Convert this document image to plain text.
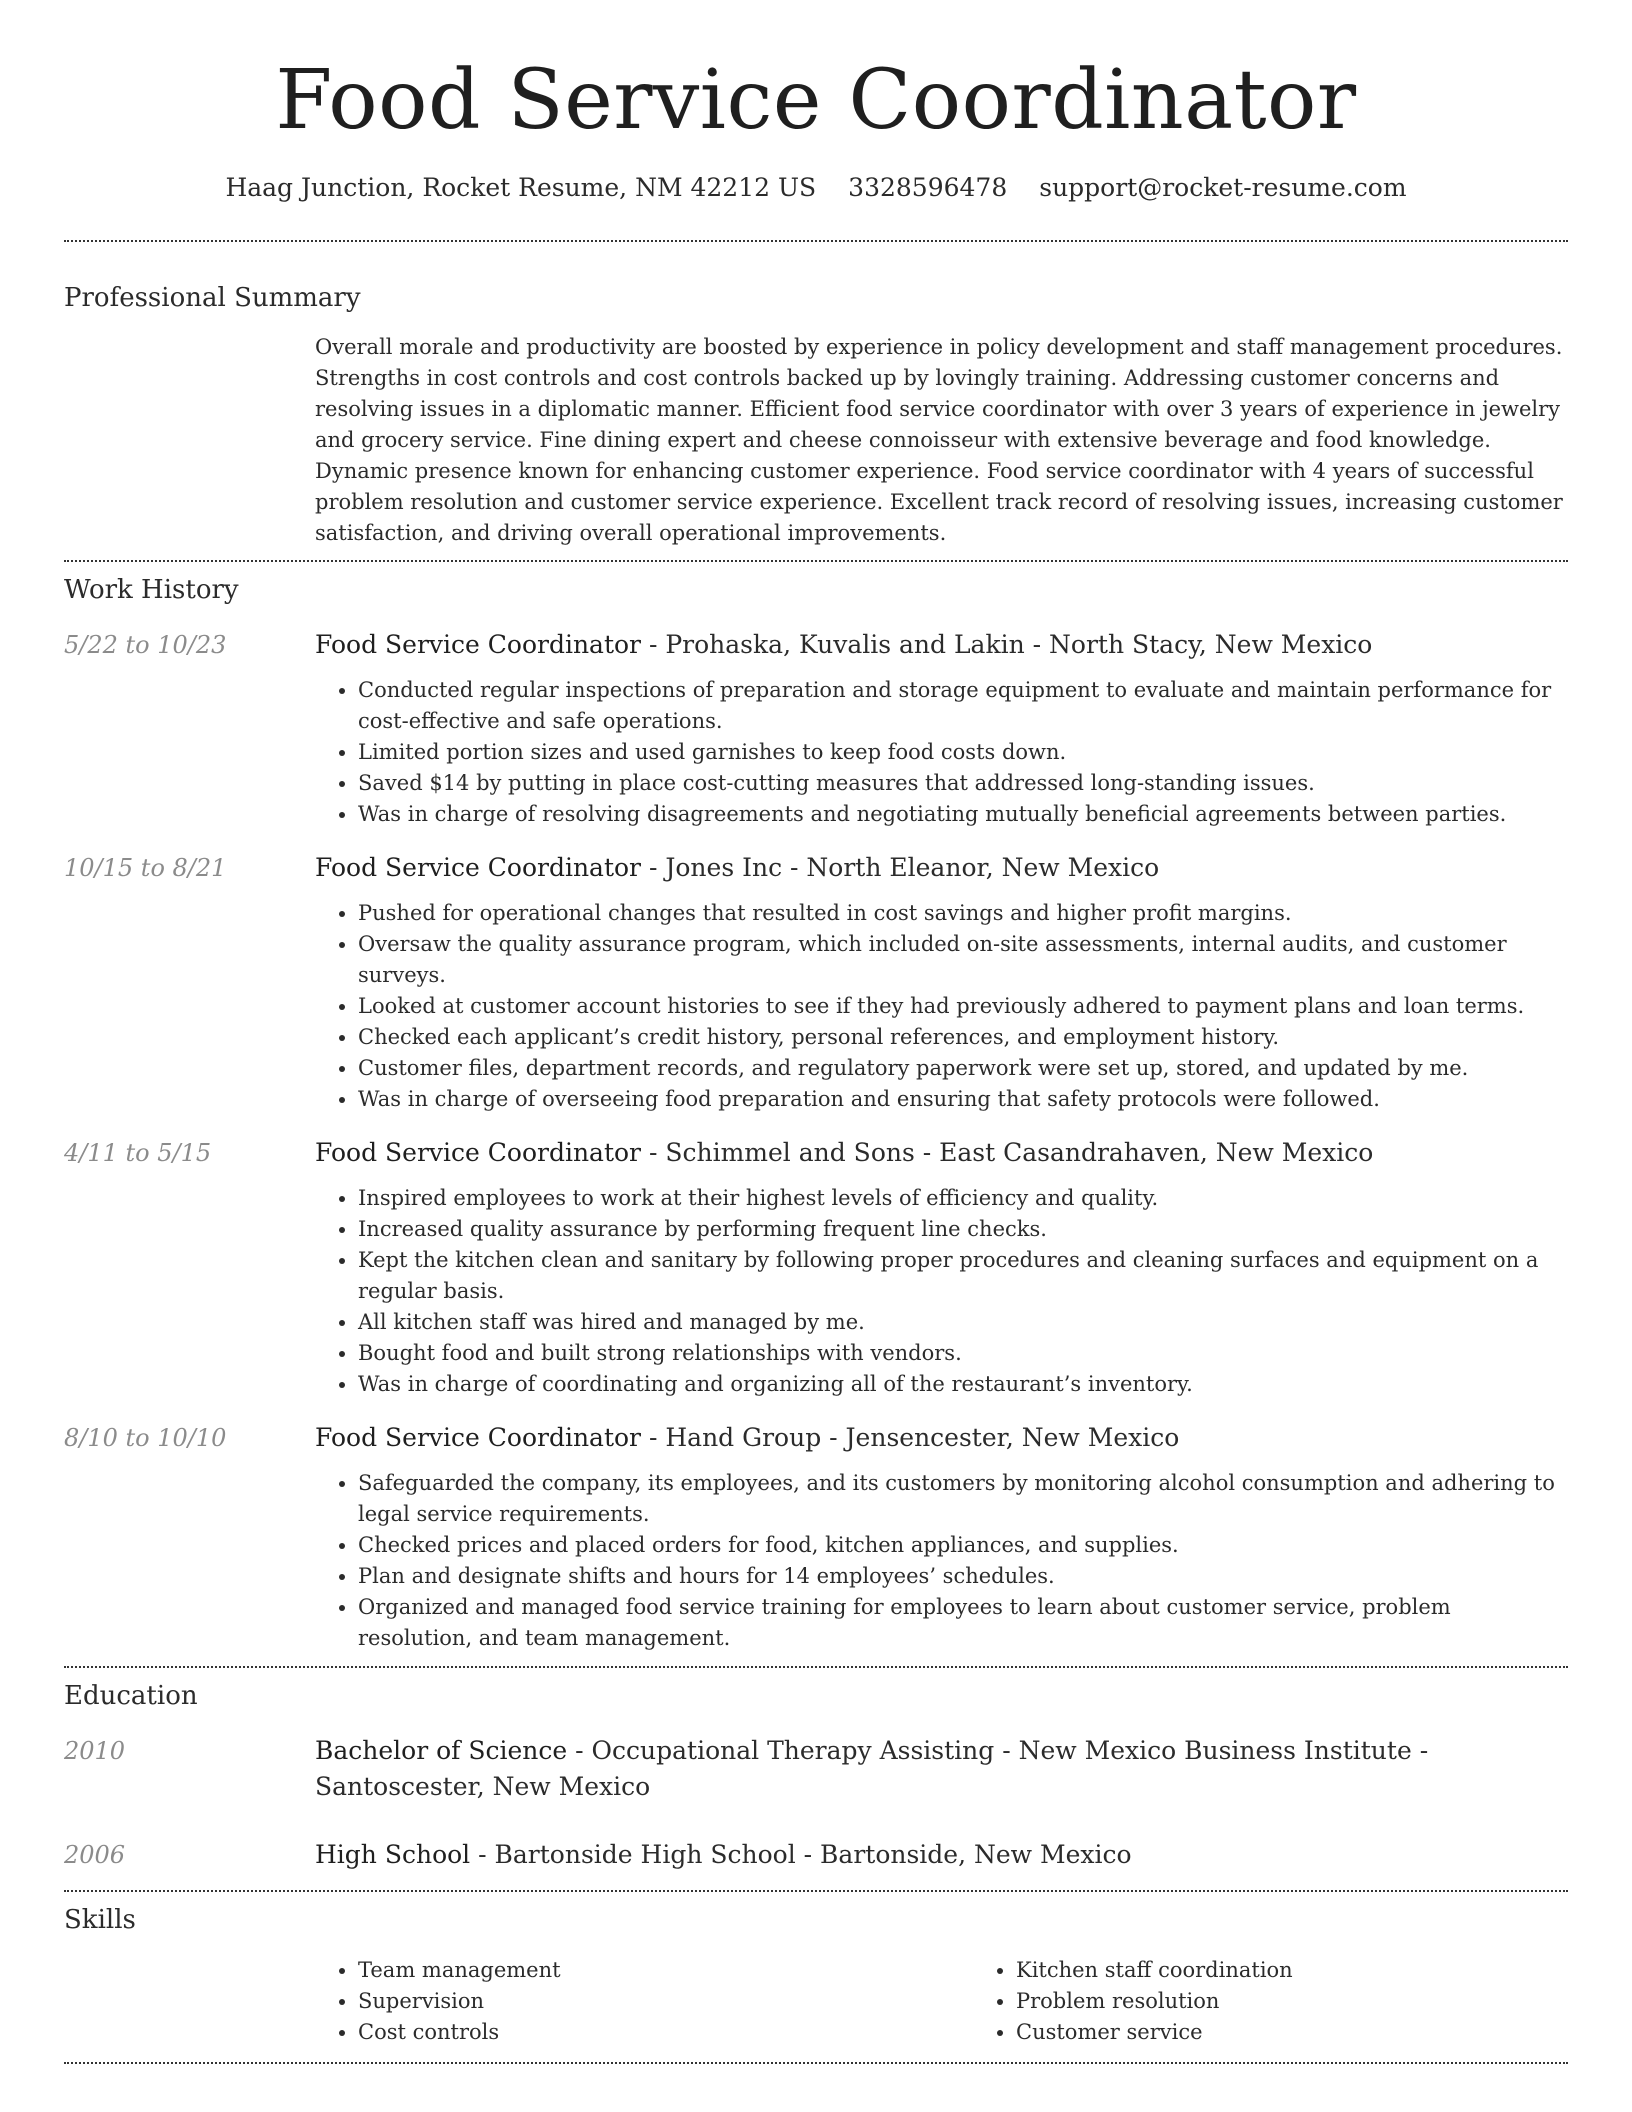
Food Service Coordinator
Haag Junction, Rocket Resume, NM 42212 US 3328596478 support@rocket-resume.com
Professional Summary

Overall morale and productivity are boosted by experience in policy development and staff management procedures. Strengths in cost controls and cost controls backed up by lovingly training. Addressing customer concerns and resolving issues in a diplomatic manner. Efficient food service coordinator with over 3 years of experience in jewelry and grocery service. Fine dining expert and cheese connoisseur with extensive beverage and food knowledge. Dynamic presence known for enhancing customer experience. Food service coordinator with 4 years of successful problem resolution and customer service experience. Excellent track record of resolving issues, increasing customer satisfaction, and driving overall operational improvements.

Work History
5/22 to 10/23	Food Service Coordinator - Prohaska, Kuvalis and Lakin - North Stacy, New Mexico
• Conducted regular inspections of preparation and storage equipment to evaluate and maintain performance for cost-effective and safe operations.
• Limited portion sizes and used garnishes to keep food costs down.
• Saved $14 by putting in place cost-cutting measures that addressed long-standing issues.
• Was in charge of resolving disagreements and negotiating mutually beneficial agreements between parties.
10/15 to 8/21	Food Service Coordinator - Jones Inc - North Eleanor, New Mexico
• Pushed for operational changes that resulted in cost savings and higher profit margins.
• Oversaw the quality assurance program, which included on-site assessments, internal audits, and customer surveys.
• Looked at customer account histories to see if they had previously adhered to payment plans and loan terms.
• Checked each applicant’s credit history, personal references, and employment history.
• Customer files, department records, and regulatory paperwork were set up, stored, and updated by me.
• Was in charge of overseeing food preparation and ensuring that safety protocols were followed.
4/11 to 5/15	Food Service Coordinator - Schimmel and Sons - East Casandrahaven, New Mexico
• Inspired employees to work at their highest levels of efficiency and quality.
• Increased quality assurance by performing frequent line checks.
• Kept the kitchen clean and sanitary by following proper procedures and cleaning surfaces and equipment on a regular basis.
• All kitchen staff was hired and managed by me.
• Bought food and built strong relationships with vendors.
• Was in charge of coordinating and organizing all of the restaurant’s inventory.
8/10 to 10/10	Food Service Coordinator - Hand Group - Jensencester, New Mexico
• Safeguarded the company, its employees, and its customers by monitoring alcohol consumption and adhering to legal service requirements.
• Checked prices and placed orders for food, kitchen appliances, and supplies.
• Plan and designate shifts and hours for 14 employees’ schedules.
• Organized and managed food service training for employees to learn about customer service, problem resolution, and team management.
Education
2010	Bachelor of Science - Occupational Therapy Assisting - New Mexico Business Institute - Santoscester, New Mexico
2006	High School - Bartonside High School - Bartonside, New Mexico
Skills
• Team management
• Supervision
• Cost controls
• Kitchen staff coordination
• Problem resolution
• Customer service
